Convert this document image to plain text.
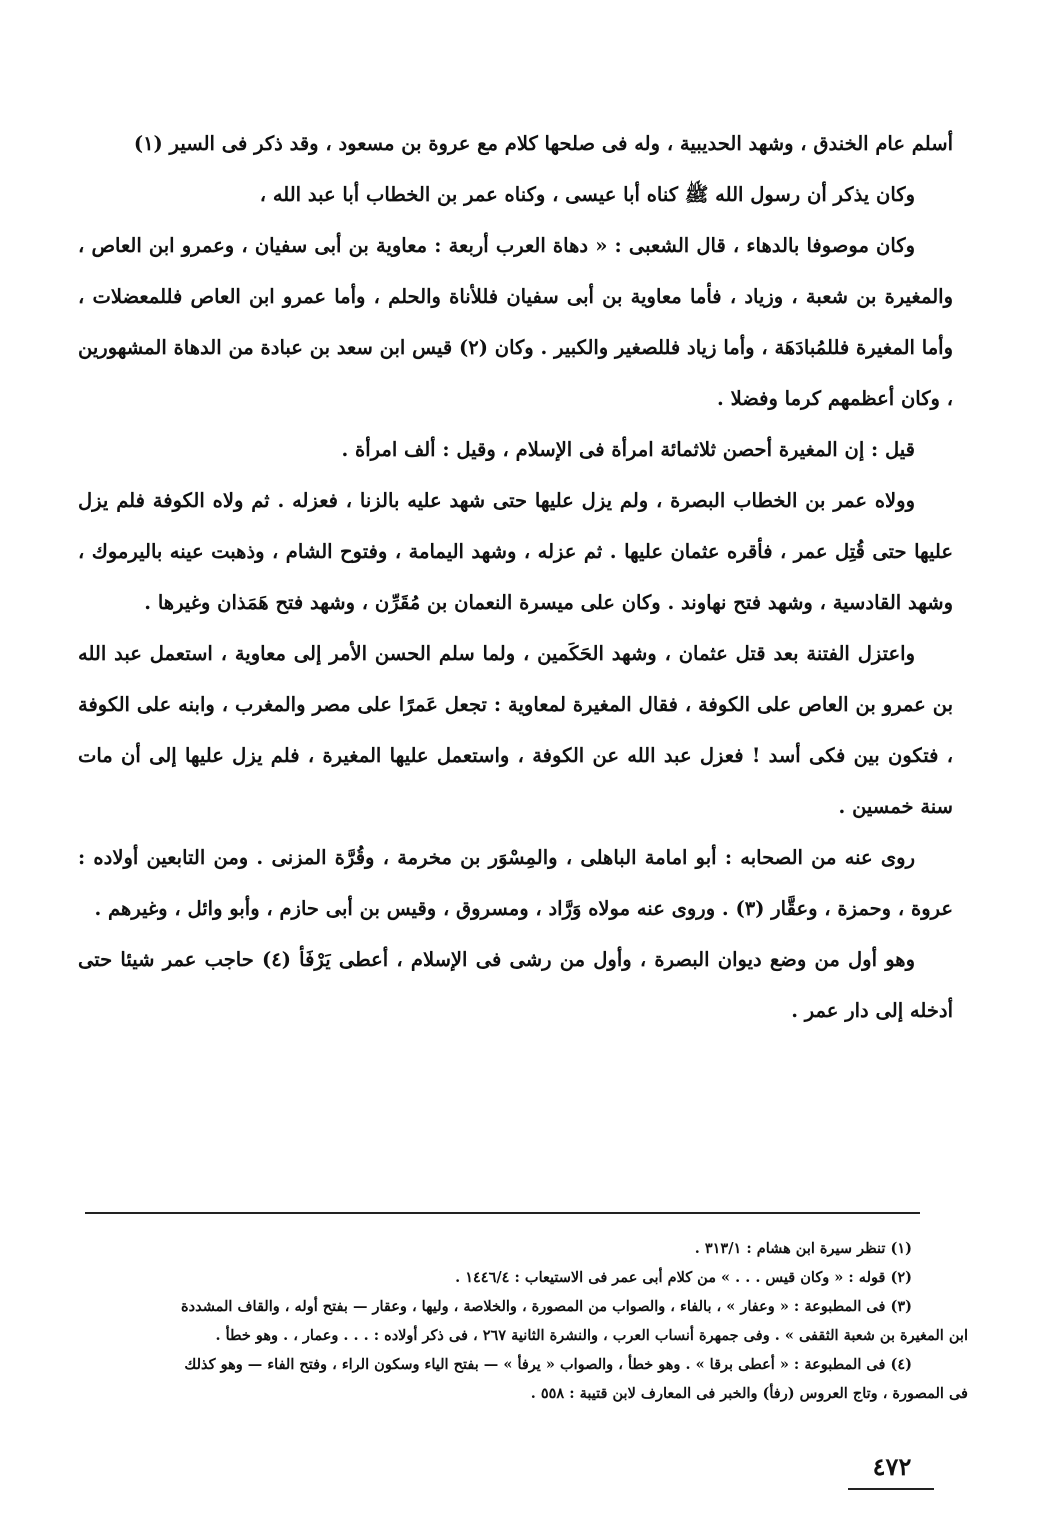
أسلم عام الخندق ، وشهد الحديبية ، وله فى صلحها كلام مع عروة بن مسعود ، وقد ذكر فى السير (١)

وكان يذكر أن رسول الله ﷺ كناه أبا عيسى ، وكناه عمر بن الخطاب أبا عبد الله ،

وكان موصوفا بالدهاء ، قال الشعبى : « دهاة العرب أربعة : معاوية بن أبى سفيان ، وعمرو ابن العاص ، والمغيرة بن شعبة ، وزياد ، فأما معاوية بن أبى سفيان فللأناة والحلم ، وأما عمرو ابن العاص فللمعضلات ، وأما المغيرة فللمُبادَهَة ، وأما زياد فللصغير والكبير . وكان (٢) قيس ابن سعد بن عبادة من الدهاة المشهورين ، وكان أعظمهم كرما وفضلا .

قيل : إن المغيرة أحصن ثلاثمائة امرأة فى الإسلام ، وقيل : ألف امرأة .

وولاه عمر بن الخطاب البصرة ، ولم يزل عليها حتى شهد عليه بالزنا ، فعزله . ثم ولاه الكوفة فلم يزل عليها حتى قُتِل عمر ، فأقره عثمان عليها . ثم عزله ، وشهد اليمامة ، وفتوح الشام ، وذهبت عينه باليرموك ، وشهد القادسية ، وشهد فتح نهاوند . وكان على ميسرة النعمان بن مُقَرِّن ، وشهد فتح هَمَذان وغيرها .

واعتزل الفتنة بعد قتل عثمان ، وشهد الحَكَمين ، ولما سلم الحسن الأمر إلى معاوية ، استعمل عبد الله بن عمرو بن العاص على الكوفة ، فقال المغيرة لمعاوية : تجعل عَمرًا على مصر والمغرب ، وابنه على الكوفة ، فتكون بين فكى أسد ! فعزل عبد الله عن الكوفة ، واستعمل عليها المغيرة ، فلم يزل عليها إلى أن مات سنة خمسين .

روى عنه من الصحابه : أبو امامة الباهلى ، والمِسْوَر بن مخرمة ، وقُرَّة المزنى . ومن التابعين أولاده : عروة ، وحمزة ، وعقَّار (٣) . وروى عنه مولاه وَرَّاد ، ومسروق ، وقيس بن أبى حازم ، وأبو وائل ، وغيرهم .

وهو أول من وضع ديوان البصرة ، وأول من رشى فى الإسلام ، أعطى يَرْفَأ (٤) حاجب عمر شيئا حتى أدخله إلى دار عمر .

(١) تنظر سيرة ابن هشام : ٣١٣/١ .

(٢) قوله : « وكان قيس . . . » من كلام أبى عمر فى الاستيعاب : ١٤٤٦/٤ .

(٣) فى المطبوعة : « وعفار » ، بالفاء ، والصواب من المصورة ، والخلاصة ، وليها ، وعقار — بفتح أوله ، والقاف المشددة

ابن المغيرة بن شعبة الثقفى » . وفى جمهرة أنساب العرب ، والنشرة الثانية ٢٦٧ ، فى ذكر أولاده : . . . وعمار ، . وهو خطأ .

(٤) فى المطبوعة : « أعطى برقا » . وهو خطأ ، والصواب « يرفأ » — بفتح الياء وسكون الراء ، وفتح الفاء — وهو كذلك

فى المصورة ، وتاج العروس (رفأ) والخبر فى المعارف لابن قتيبة : ٥٥٨ .

٤٧٢
